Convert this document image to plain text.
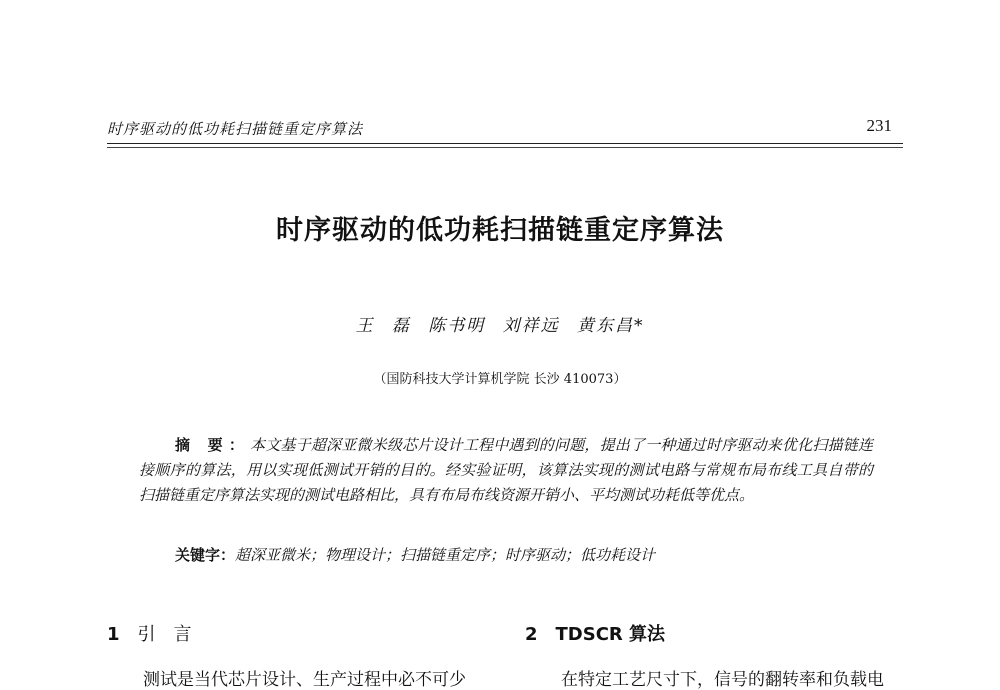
时序驱动的低功耗扫描链重定序算法	231
时序驱动的低功耗扫描链重定序算法
王 磊 陈书明 刘祥远 黄东昌*
（国防科技大学计算机学院 长沙 410073）
摘 要：本文基于超深亚微米级芯片设计工程中遇到的问题，提出了一种通过时序驱动来优化扫描链连接顺序的算法，用以实现低测试开销的目的。经实验证明，该算法实现的测试电路与常规布局布线工具自带的扫描链重定序算法实现的测试电路相比，具有布局布线资源开销小、平均测试功耗低等优点。
关键字：超深亚微米；物理设计；扫描链重定序；时序驱动；低功耗设计
1 引言	2 TDSCR 算法
测试是当代芯片设计、生产过程中必不可少	在特定工艺尺寸下，信号的翻转率和负载电
